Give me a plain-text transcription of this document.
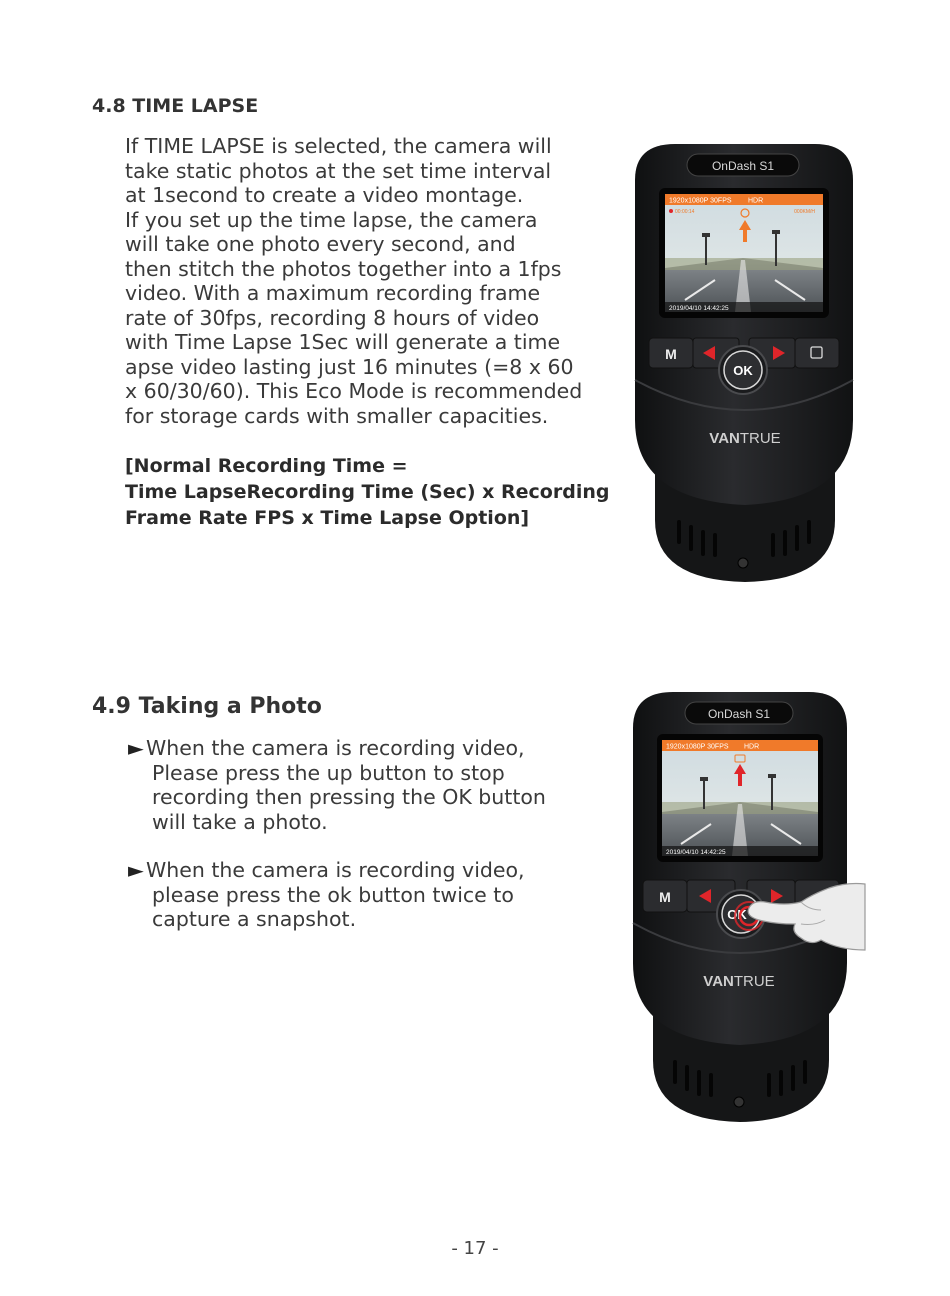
4.8 TIME LAPSE
If TIME LAPSE is selected, the camera will
take static photos at the set time interval
at 1second to create a video montage.
If you set up the time lapse, the camera
will take one photo every second, and
then stitch the photos together into a 1fps
video. With a maximum recording frame
rate of 30fps, recording 8 hours of video
with Time Lapse 1Sec will generate a time
apse video lasting just 16 minutes (=8 x 60
x 60/30/60). This Eco Mode is recommended
for storage cards with smaller capacities.
[Normal Recording Time =
Time LapseRecording Time (Sec) x Recording
Frame Rate FPS x Time Lapse Option]
OnDash S1
1920x1080P 30FPS HDR
00:00:14	000KM/H
2019/04/10 14:42:25
M
OK
VANTRUE
4.9 Taking a Photo
► When the camera is recording video,
Please press the up button to stop
recording then pressing the OK button
will take a photo.
► When the camera is recording video,
please press the ok button twice to
capture a snapshot.
OnDash S1
1920x1080P 30FPS HDR
2019/04/10 14:42:25
M
OK
VANTRUE
- 17 -
